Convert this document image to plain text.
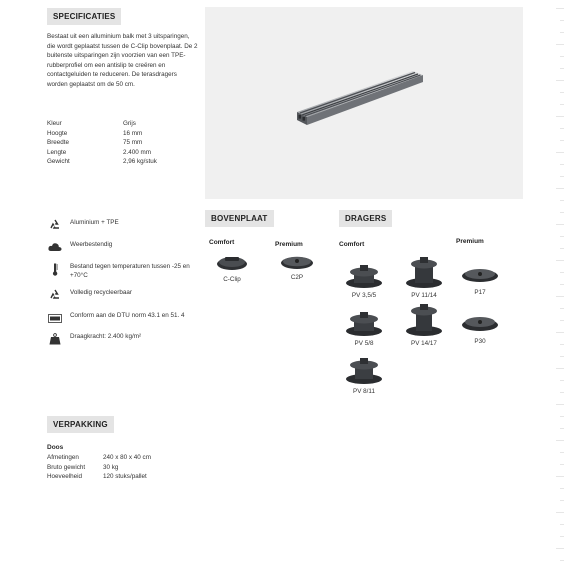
SPECIFICATIES
Bestaat uit een alluminium balk met 3 uitsparingen, die wordt geplaatst tussen de C-Clip bovenplaat. De 2 buitenste uitsparingen zijn voorzien van een TPE-rubberprofiel om een antislip te creëren en contactgeluiden te reduceren. De terasdragers worden geplaatst om de 50 cm.
Kleur	Grijs
Hoogte	16 mm
Breedte	75 mm
Lengte	2.400 mm
Gewicht	2,96 kg/stuk
Aluminium + TPE
Weerbestendig
Bestand tegen temperaturen tussen -25 en +70°C
Volledig recycleerbaar
Conform aan de DTU norm 43.1 en 51. 4
Draagkracht: 2.400 kg/m²
BOVENPLAAT
Comfort	Premium
C-Clip	C2P
DRAGERS
Comfort	Premium
PV 3,5/5	PV 11/14	P17
PV 5/8	PV 14/17	P30
PV 8/11
VERPAKKING
Doos
Afmetingen	240 x 80 x 40 cm
Bruto gewicht	30 kg
Hoeveelheid	120 stuks/pallet
